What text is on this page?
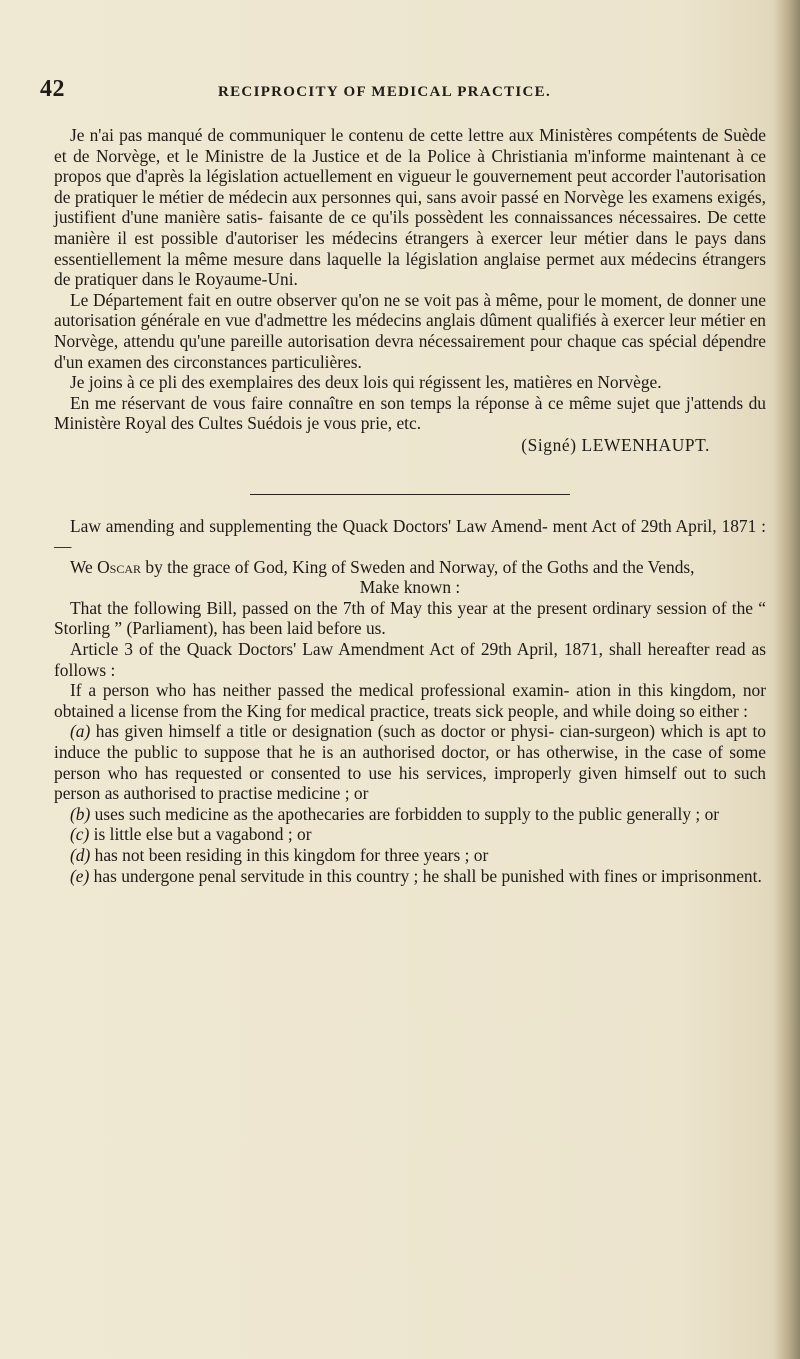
42	RECIPROCITY OF MEDICAL PRACTICE.

Je n'ai pas manqué de communiquer le contenu de cette lettre aux Ministères compétents de Suède et de Norvège, et le Ministre de la Justice et de la Police à Christiania m'informe maintenant à ce propos que d'après la législation actuellement en vigueur le gouvernement peut accorder l'autorisation de pratiquer le métier de médecin aux personnes qui, sans avoir passé en Norvège les examens exigés, justifient d'une manière satis- faisante de ce qu'ils possèdent les connaissances nécessaires. De cette manière il est possible d'autoriser les médecins étrangers à exercer leur métier dans le pays dans essentiellement la même mesure dans laquelle la législation anglaise permet aux médecins étrangers de pratiquer dans le Royaume-Uni.

Le Département fait en outre observer qu'on ne se voit pas à même, pour le moment, de donner une autorisation générale en vue d'admettre les médecins anglais dûment qualifiés à exercer leur métier en Norvège, attendu qu'une pareille autorisation devra nécessairement pour chaque cas spécial dépendre d'un examen des circonstances particulières.

Je joins à ce pli des exemplaires des deux lois qui régissent les, matières en Norvège.

En me réservant de vous faire connaître en son temps la réponse à ce même sujet que j'attends du Ministère Royal des Cultes Suédois je vous prie, etc.

(Signé) LEWENHAUPT.

Law amending and supplementing the Quack Doctors' Law Amend- ment Act of 29th April, 1871 :—

We Oscar by the grace of God, King of Sweden and Norway, of the Goths and the Vends,

Make known :

That the following Bill, passed on the 7th of May this year at the present ordinary session of the “ Storling ” (Parliament), has been laid before us.

Article 3 of the Quack Doctors' Law Amendment Act of 29th April, 1871, shall hereafter read as follows :

If a person who has neither passed the medical professional examin- ation in this kingdom, nor obtained a license from the King for medical practice, treats sick people, and while doing so either :

(a) has given himself a title or designation (such as doctor or physi- cian-surgeon) which is apt to induce the public to suppose that he is an authorised doctor, or has otherwise, in the case of some person who has requested or consented to use his services, improperly given himself out to such person as authorised to practise medicine ; or

(b) uses such medicine as the apothecaries are forbidden to supply to the public generally ; or

(c) is little else but a vagabond ; or

(d) has not been residing in this kingdom for three years ; or

(e) has undergone penal servitude in this country ; he shall be punished with fines or imprisonment.
